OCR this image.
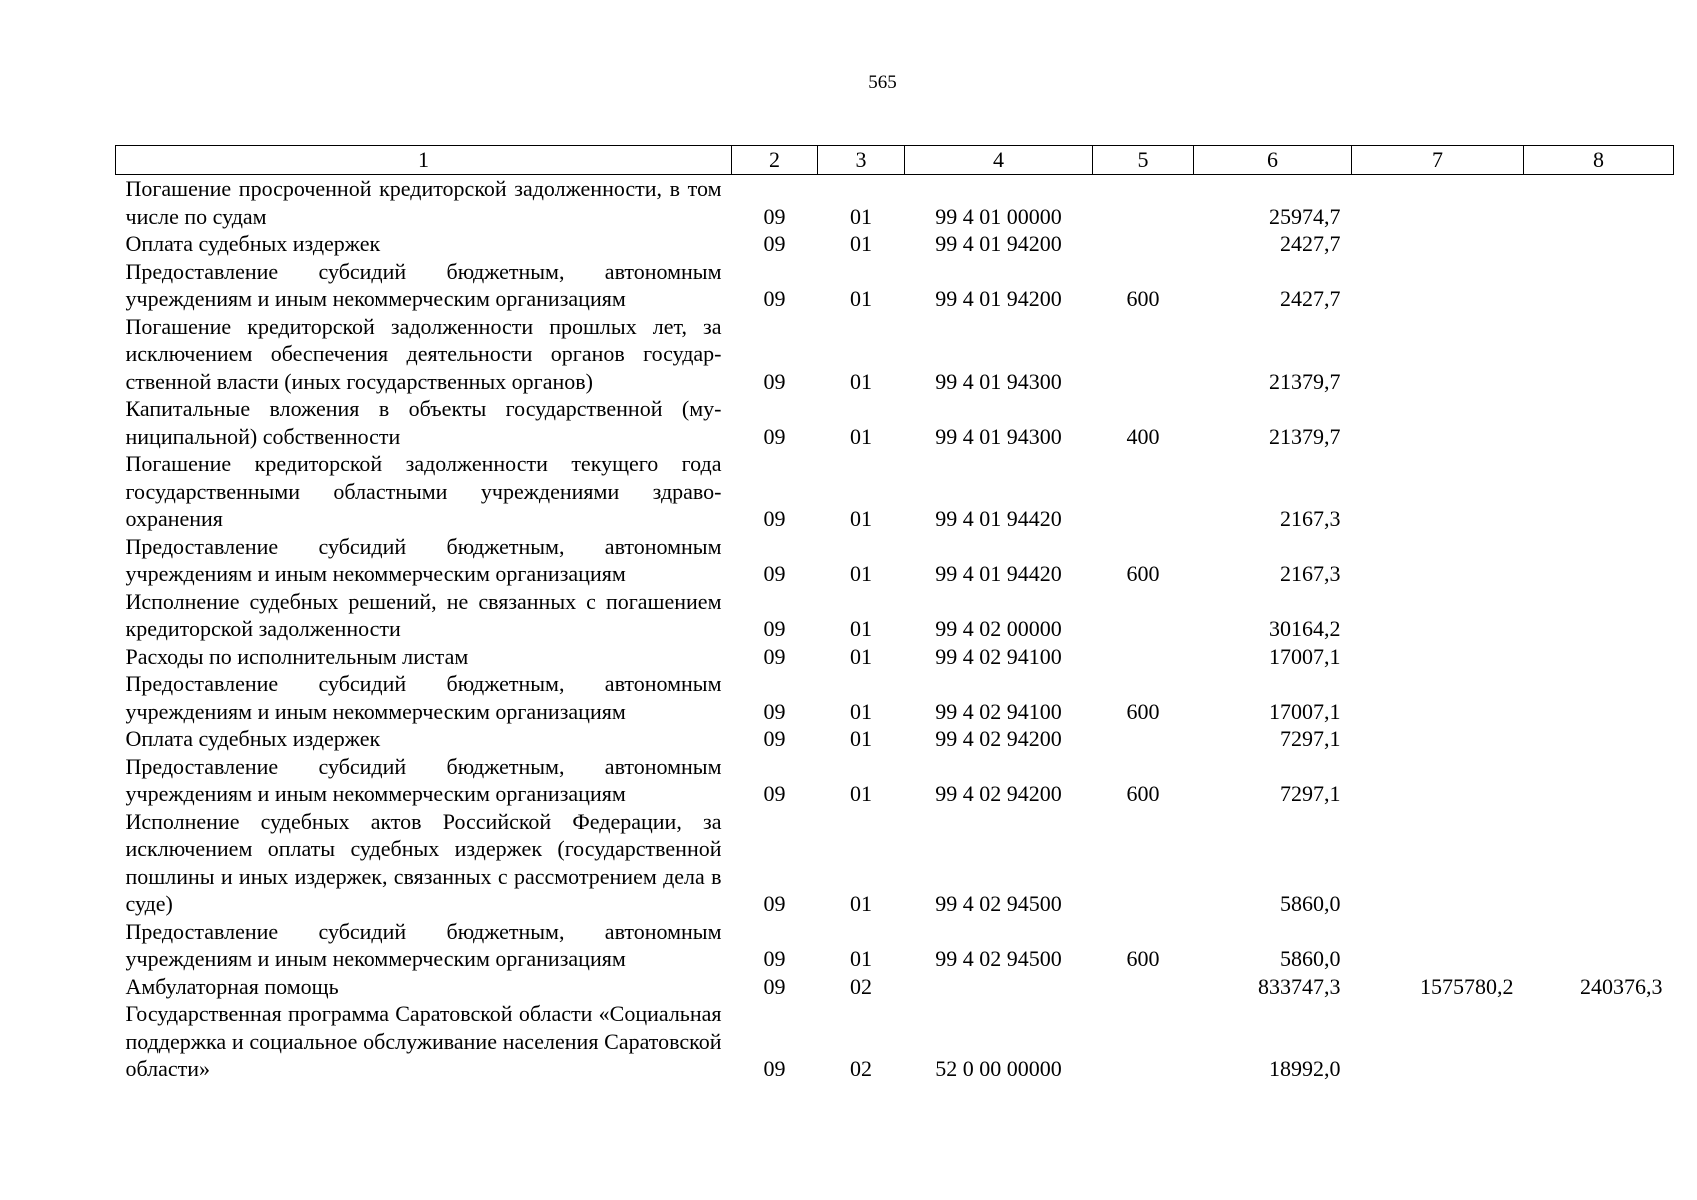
565
1	2	3	4	5	6	7	8

Погашение просроченной кредиторской задолженности, в том числе по судам	09	01	99 4 01 00000		25974,7		

Оплата судебных издержек	09	01	99 4 01 94200		2427,7		

Предоставление субсидий бюджетным, автономным учреждениям и иным некоммерческим организациям	09	01	99 4 01 94200	600	2427,7		

Погашение кредиторской задолженности прошлых лет, за исключением обеспечения деятельности органов государственной власти (иных государственных органов)	09	01	99 4 01 94300		21379,7		

Капитальные вложения в объекты государственной (муниципальной) собственности	09	01	99 4 01 94300	400	21379,7		

Погашение кредиторской задолженности текущего года государственными областными учреждениями здравоохранения	09	01	99 4 01 94420		2167,3		

Предоставление субсидий бюджетным, автономным учреждениям и иным некоммерческим организациям	09	01	99 4 01 94420	600	2167,3		

Исполнение судебных решений, не связанных с погашением кредиторской задолженности	09	01	99 4 02 00000		30164,2		

Расходы по исполнительным листам	09	01	99 4 02 94100		17007,1		

Предоставление субсидий бюджетным, автономным учреждениям и иным некоммерческим организациям	09	01	99 4 02 94100	600	17007,1		

Оплата судебных издержек	09	01	99 4 02 94200		7297,1		

Предоставление субсидий бюджетным, автономным учреждениям и иным некоммерческим организациям	09	01	99 4 02 94200	600	7297,1		

Исполнение судебных актов Российской Федерации, за исключением оплаты судебных издержек (государственной пошлины и иных издержек, связанных с рассмотрением дела в суде)	09	01	99 4 02 94500		5860,0		

Предоставление субсидий бюджетным, автономным учреждениям и иным некоммерческим организациям	09	01	99 4 02 94500	600	5860,0		

Амбулаторная помощь	09	02			833747,3	1575780,2	240376,3

Государственная программа Саратовской области «Социальная поддержка и социальное обслуживание населения Саратовской области»	09	02	52 0 00 00000		18992,0		
